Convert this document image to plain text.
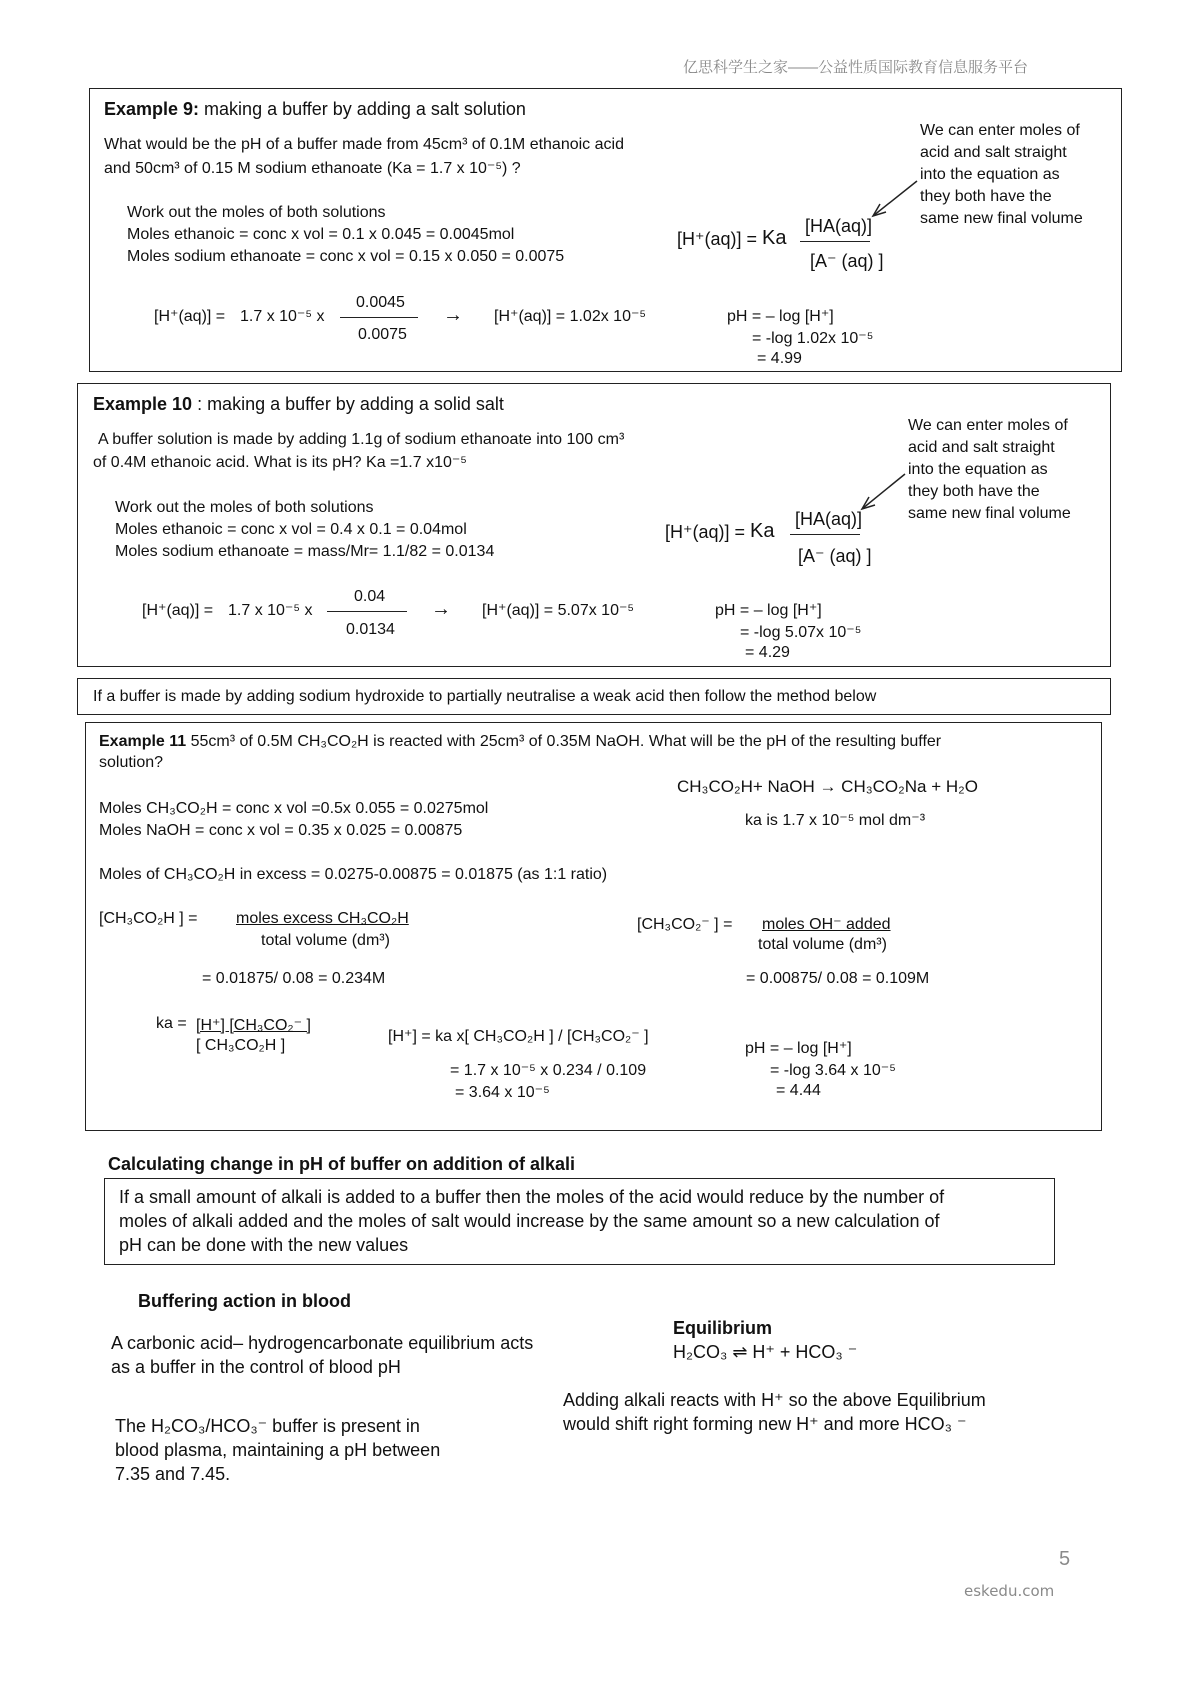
亿思科学生之家——公益性质国际教育信息服务平台
Example 9: making a buffer by adding a salt solution
What would be the pH of a buffer made from 45cm³ of 0.1M ethanoic acid
and 50cm³ of 0.15 M sodium ethanoate (Ka = 1.7 x 10⁻⁵) ?
Work out the moles of both solutions
Moles ethanoic = conc x vol = 0.1 x 0.045 = 0.0045mol
Moles sodium ethanoate = conc x vol = 0.15 x 0.050 = 0.0075
[H⁺(aq)] = Ka
[HA(aq)]
[A⁻ (aq) ]
We can enter moles of
acid and salt straight
into the equation as
they both have the
same new final volume
[H⁺(aq)] = 1.7 x 10⁻⁵ x
0.0045
0.0075
→ [H⁺(aq)] = 1.02x 10⁻⁵	pH = – log [H⁺]
= -log 1.02x 10⁻⁵
= 4.99
Example 10 : making a buffer by adding a solid salt
A buffer solution is made by adding 1.1g of sodium ethanoate into 100 cm³
of 0.4M ethanoic acid. What is its pH? Ka =1.7 x10⁻⁵
Work out the moles of both solutions
Moles ethanoic = conc x vol = 0.4 x 0.1 = 0.04mol
Moles sodium ethanoate = mass/Mr= 1.1/82 = 0.0134
[H⁺(aq)] = Ka
[HA(aq)]
[A⁻ (aq) ]
We can enter moles of
acid and salt straight
into the equation as
they both have the
same new final volume
[H⁺(aq)] = 1.7 x 10⁻⁵ x
0.04
0.0134
→ [H⁺(aq)] = 5.07x 10⁻⁵	pH = – log [H⁺]
= -log 5.07x 10⁻⁵
= 4.29
If a buffer is made by adding sodium hydroxide to partially neutralise a weak acid then follow the method below
Example 11 55cm³ of 0.5M CH₃CO₂H is reacted with 25cm³ of 0.35M NaOH. What will be the pH of the resulting buffer
solution?
CH₃CO₂H+ NaOH → CH₃CO₂Na + H₂O
ka is 1.7 x 10⁻⁵ mol dm⁻³
Moles CH₃CO₂H = conc x vol =0.5x 0.055 = 0.0275mol
Moles NaOH = conc x vol = 0.35 x 0.025 = 0.00875
Moles of CH₃CO₂H in excess = 0.0275-0.00875 = 0.01875 (as 1:1 ratio)
[CH₃CO₂H ] = moles excess CH₃CO₂H
total volume (dm³)
= 0.01875/ 0.08 = 0.234M
[CH₃CO₂⁻ ] = moles OH⁻ added
total volume (dm³)
= 0.00875/ 0.08 = 0.109M
ka = [H⁺] [CH₃CO₂⁻ ]
[ CH₃CO₂H ]
[H⁺] = ka x[ CH₃CO₂H ] / [CH₃CO₂⁻ ]
= 1.7 x 10⁻⁵ x 0.234 / 0.109
= 3.64 x 10⁻⁵
pH = – log [H⁺]
= -log 3.64 x 10⁻⁵
= 4.44
Calculating change in pH of buffer on addition of alkali
If a small amount of alkali is added to a buffer then the moles of the acid would reduce by the number of
moles of alkali added and the moles of salt would increase by the same amount so a new calculation of
pH can be done with the new values
Buffering action in blood
A carbonic acid– hydrogencarbonate equilibrium acts
as a buffer in the control of blood pH
Equilibrium
H₂CO₃ ⇌ H⁺ + HCO₃ ⁻
The H₂CO₃/HCO₃⁻ buffer is present in
blood plasma, maintaining a pH between
7.35 and 7.45.
Adding alkali reacts with H⁺ so the above Equilibrium
would shift right forming new H⁺ and more HCO₃ ⁻
5
eskedu.com
